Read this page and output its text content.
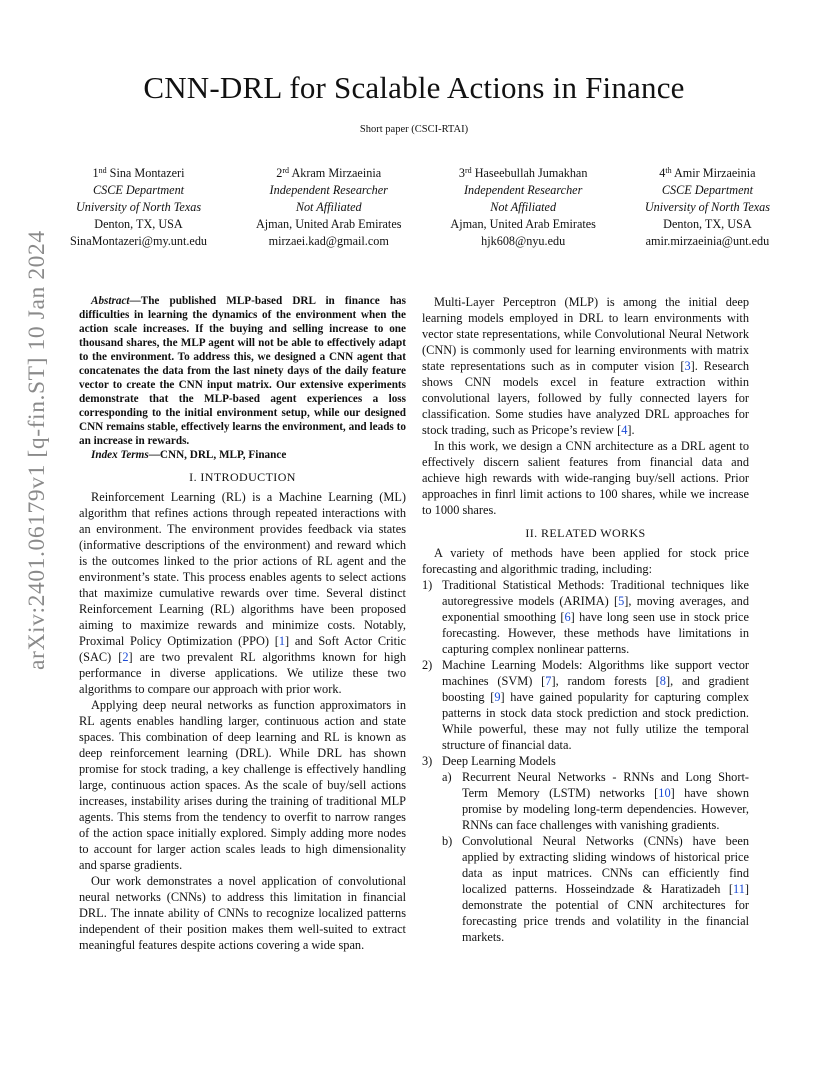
CNN-DRL for Scalable Actions in Finance
Short paper (CSCI-RTAI)
1nd Sina Montazeri
CSCE Department
University of North Texas
Denton, TX, USA
SinaMontazeri@my.unt.edu
2rd Akram Mirzaeinia
Independent Researcher
Not Affiliated
Ajman, United Arab Emirates
mirzaei.kad@gmail.com
3rd Haseebullah Jumakhan
Independent Researcher
Not Affiliated
Ajman, United Arab Emirates
hjk608@nyu.edu
4th Amir Mirzaeinia
CSCE Department
University of North Texas
Denton, TX, USA
amir.mirzaeinia@unt.edu
arXiv:2401.06179v1 [q-fin.ST] 10 Jan 2024	Abstract—The published MLP-based DRL in finance has difficulties in learning the dynamics of the environment when the action scale increases. If the buying and selling increase to one thousand shares, the MLP agent will not be able to effectively adapt to the environment. To address this, we designed a CNN agent that concatenates the data from the last ninety days of the daily feature vector to create the CNN input matrix. Our extensive experiments demonstrate that the MLP-based agent experiences a loss corresponding to the initial environment setup, while our designed CNN remains stable, effectively learns the environment, and leads to an increase in rewards.

Index Terms—CNN, DRL, MLP, Finance

I. INTRODUCTION

Reinforcement Learning (RL) is a Machine Learning (ML) algorithm that refines actions through repeated interactions with an environment. The environment provides feedback via states (informative descriptions of the environment) and reward which is the outcomes linked to the prior actions of RL agent and the environment’s state. This process enables agents to select actions that maximize cumulative rewards over time. Several distinct Reinforcement Learning (RL) algorithms have been proposed aiming to maximize rewards and minimize costs. Notably, Proximal Policy Optimization (PPO) [ 1 ] and Soft Actor Critic (SAC) [ 2 ] are two prevalent RL algorithms known for high performance in diverse applications. We utilize these two algorithms to compare our approach with prior work.

Applying deep neural networks as function approximators in RL agents enables handling larger, continuous action and state spaces. This combination of deep learning and RL is known as deep reinforcement learning (DRL). While DRL has shown promise for stock trading, a key challenge is effectively handling large, continuous action spaces. As the scale of buy/sell actions increases, instability arises during the training of traditional MLP agents. This stems from the tendency to overfit to narrow ranges of the action space initially explored. Simply adding more nodes to account for larger action scales leads to high dimensionality and sparse gradients.

Our work demonstrates a novel application of convolutional neural networks (CNNs) to address this limitation in financial DRL. The innate ability of CNNs to recognize localized patterns independent of their position makes them well-suited to extract meaningful features despite actions covering a wide span.

Multi-Layer Perceptron (MLP) is among the initial deep learning models employed in DRL to learn environments with vector state representations, while Convolutional Neural Network (CNN) is commonly used for learning environments with matrix state representations such as in computer vision [ 3 ] . Research shows CNN models excel in feature extraction within convolutional layers, followed by fully connected layers for classification. Some studies have analyzed DRL approaches for stock trading, such as Pricope’s review [ 4 ] .

In this work, we design a CNN architecture as a DRL agent to effectively discern salient features from financial data and achieve high rewards with wide-ranging buy/sell actions. Prior approaches in finrl limit actions to 100 shares, while we increase to 1000 shares.

II. RELATED WORKS

A variety of methods have been applied for stock price forecasting and algorithmic trading, including:

1) Traditional Statistical Methods: Traditional techniques like autoregressive models (ARIMA) [ 5 ] , moving averages, and exponential smoothing [ 6 ] have long seen use in stock price forecasting. However, these methods have limitations in capturing complex nonlinear patterns.
2) Machine Learning Models: Algorithms like support vector machines (SVM) [ 7 ] , random forests [ 8 ] , and gradient boosting [ 9 ] have gained popularity for capturing complex patterns in stock data stock prediction and stock prediction. While powerful, these may not fully utilize the temporal structure of financial data.
3) Deep Learning Models
a) Recurrent Neural Networks - RNNs and Long Short-Term Memory (LSTM) networks [ 10 ] have shown promise by modeling long-term dependencies. However, RNNs can face challenges with vanishing gradients.
b) Convolutional Neural Networks (CNNs) have been applied by extracting sliding windows of historical price data as input matrices. CNNs can efficiently find localized patterns. Hosseindzade & Haratizadeh [ 11 ] demonstrate the potential of CNN architectures for forecasting price trends and volatility in the financial markets.
